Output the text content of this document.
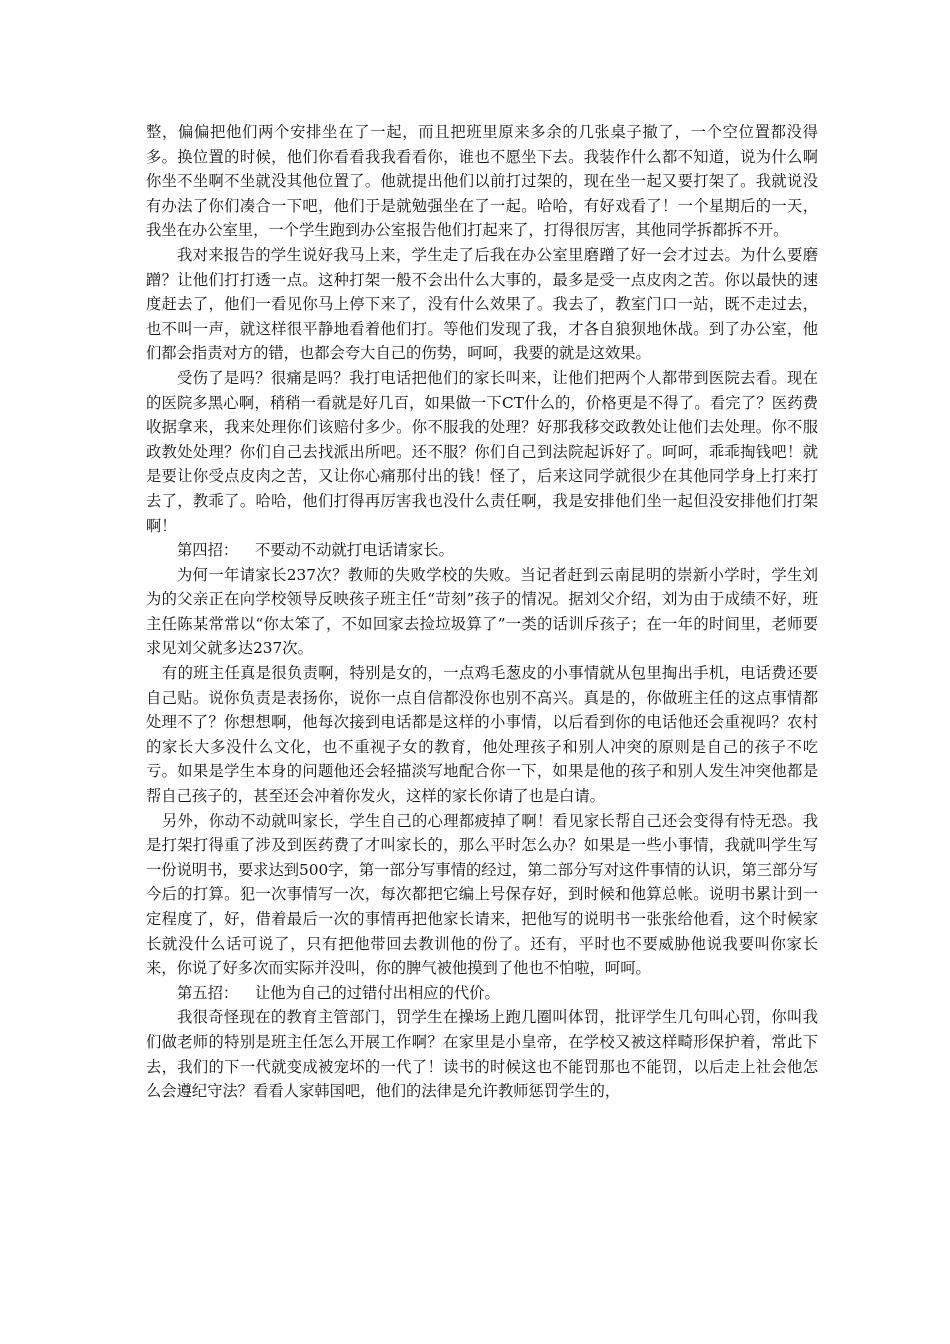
整，偏偏把他们两个安排坐在了一起，而且把班里原来多余的几张桌子撤了，一个空位置都没得多。换位置的时候，他们你看看我我看看你，谁也不愿坐下去。我装作什么都不知道，说为什么啊你坐不坐啊不坐就没其他位置了。他就提出他们以前打过架的，现在坐一起又要打架了。我就说没有办法了你们凑合一下吧，他们于是就勉强坐在了一起。哈哈，有好戏看了！一个星期后的一天，我坐在办公室里，一个学生跑到办公室报告他们打起来了，打得很厉害，其他同学拆都拆不开。

我对来报告的学生说好我马上来，学生走了后我在办公室里磨蹭了好一会才过去。为什么要磨蹭？让他们打打透一点。这种打架一般不会出什么大事的，最多是受一点皮肉之苦。你以最快的速度赶去了，他们一看见你马上停下来了，没有什么效果了。我去了，教室门口一站，既不走过去，也不叫一声，就这样很平静地看着他们打。等他们发现了我，才各自狼狈地休战。到了办公室，他们都会指责对方的错，也都会夸大自己的伤势，呵呵，我要的就是这效果。

受伤了是吗？很痛是吗？我打电话把他们的家长叫来，让他们把两个人都带到医院去看。现在的医院多黑心啊，稍稍一看就是好几百，如果做一下CT什么的，价格更是不得了。看完了？医药费收据拿来，我来处理你们该赔付多少。你不服我的处理？好那我移交政教处让他们去处理。你不服政教处处理？你们自己去找派出所吧。还不服？你们自己到法院起诉好了。呵呵，乖乖掏钱吧！就是要让你受点皮肉之苦，又让你心痛那付出的钱！怪了，后来这同学就很少在其他同学身上打来打去了，教乖了。哈哈，他们打得再厉害我也没什么责任啊，我是安排他们坐一起但没安排他们打架啊！

第四招：	不要动不动就打电话请家长。

为何一年请家长237次？教师的失败学校的失败。当记者赶到云南昆明的崇新小学时，学生刘为的父亲正在向学校领导反映孩子班主任“苛刻”孩子的情况。据刘父介绍，刘为由于成绩不好，班主任陈某常常以“你太笨了，不如回家去捡垃圾算了”一类的话训斥孩子；在一年的时间里，老师要求见刘父就多达237次。

有的班主任真是很负责啊，特别是女的，一点鸡毛葱皮的小事情就从包里掏出手机，电话费还要自己贴。说你负责是表扬你，说你一点自信都没你也别不高兴。真是的，你做班主任的这点事情都处理不了？你想想啊，他每次接到电话都是这样的小事情，以后看到你的电话他还会重视吗？农村的家长大多没什么文化，也不重视子女的教育，他处理孩子和别人冲突的原则是自己的孩子不吃亏。如果是学生本身的问题他还会轻描淡写地配合你一下，如果是他的孩子和别人发生冲突他都是帮自己孩子的，甚至还会冲着你发火，这样的家长你请了也是白请。

另外，你动不动就叫家长，学生自己的心理都疲掉了啊！看见家长帮自己还会变得有恃无恐。我是打架打得重了涉及到医药费了才叫家长的，那么平时怎么办？如果是一些小事情，我就叫学生写一份说明书，要求达到500字，第一部分写事情的经过，第二部分写对这件事情的认识，第三部分写今后的打算。犯一次事情写一次，每次都把它编上号保存好，到时候和他算总帐。说明书累计到一定程度了，好，借着最后一次的事情再把他家长请来，把他写的说明书一张张给他看，这个时候家长就没什么话可说了，只有把他带回去教训他的份了。还有，平时也不要威胁他说我要叫你家长来，你说了好多次而实际并没叫，你的脾气被他摸到了他也不怕啦，呵呵。

第五招：	让他为自己的过错付出相应的代价。

我很奇怪现在的教育主管部门，罚学生在操场上跑几圈叫体罚，批评学生几句叫心罚，你叫我们做老师的特别是班主任怎么开展工作啊？在家里是小皇帝，在学校又被这样畸形保护着，常此下去，我们的下一代就变成被宠坏的一代了！读书的时候这也不能罚那也不能罚，以后走上社会他怎么会遵纪守法？看看人家韩国吧，他们的法律是允许教师惩罚学生的，
